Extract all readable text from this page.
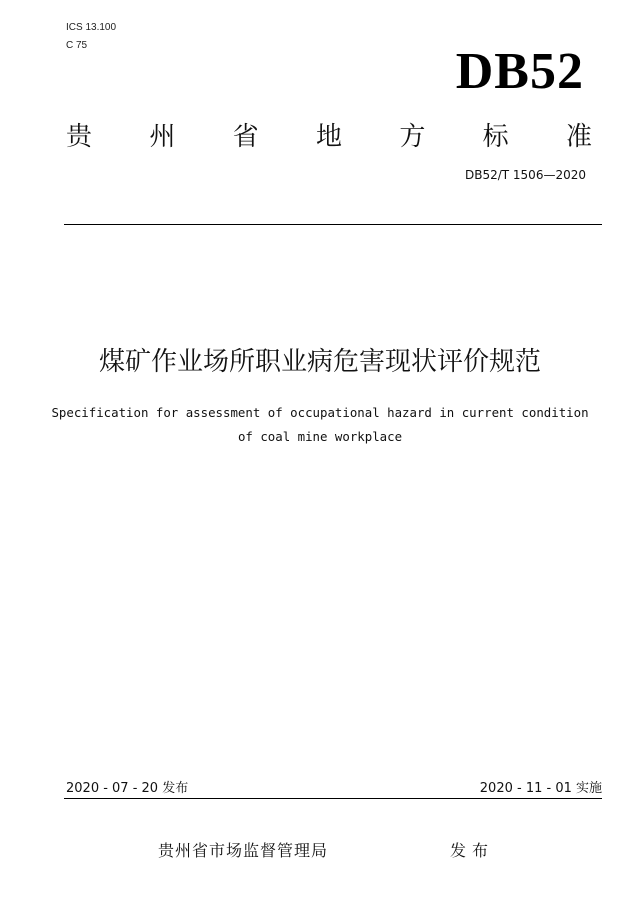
ICS 13.100
C 75	DB52
贵 州 省 地 方 标 准
DB52/T 1506—2020
煤矿作业场所职业病危害现状评价规范
Specification for assessment of occupational hazard in current condition
of coal mine workplace
2020 - 07 - 20 发布	2020 - 11 - 01 实施
贵州省市场监督管理局	发布
